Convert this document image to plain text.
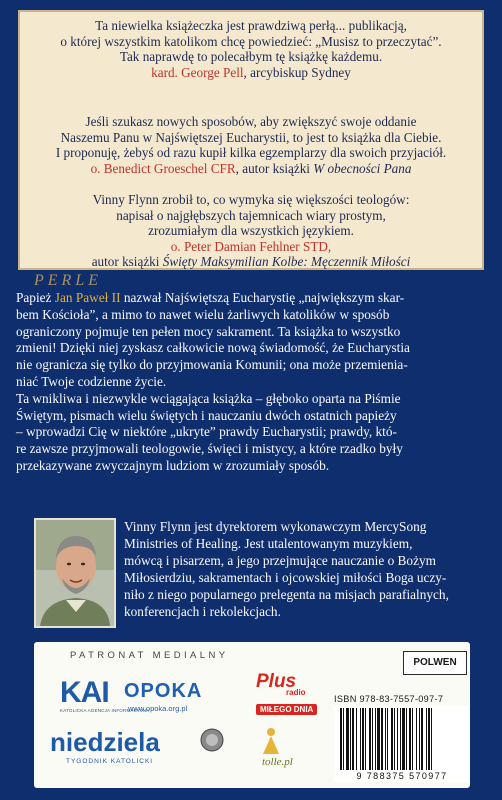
Ta niewielka książeczka jest prawdziwą perłą... publikacją,
o której wszystkim katolikom chcę powiedzieć: „Musisz to przeczytać”.
Tak naprawdę to polecałbym tę książkę każdemu.
kard. George Pell, arcybiskup Sydney
Jeśli szukasz nowych sposobów, aby zwiększyć swoje oddanie
Naszemu Panu w Najświętszej Eucharystii, to jest to książka dla Ciebie.
I proponuję, żebyś od razu kupił kilka egzemplarzy dla swoich przyjaciół.
o. Benedict Groeschel CFR, autor książki W obecności Pana
Vinny Flynn zrobił to, co wymyka się większości teologów:
napisał o najgłębszych tajemnicach wiary prostym,
zrozumiałym dla wszystkich językiem.
o. Peter Damian Fehlner STD,
autor książki Święty Maksymilian Kolbe: Męczennik Miłości
PERLE
Papież Jan Paweł II nazwał Najświętszą Eucharystię „największym skar-
bem Kościoła”, a mimo to nawet wielu żarliwych katolików w sposób
ograniczony pojmuje ten pełen mocy sakrament. Ta książka to wszystko
zmieni! Dzięki niej zyskasz całkowicie nową świadomość, że Eucharystia
nie ogranicza się tylko do przyjmowania Komunii; ona może przemienia-
niać Twoje codzienne życie.
Ta wnikliwa i niezwykle wciągająca książka – głęboko oparta na Piśmie
Świętym, pismach wielu świętych i nauczaniu dwóch ostatnich papieży
– wprowadzi Cię w niektóre „ukryte” prawdy Eucharystii; prawdy, któ-
re zawsze przyjmowali teologowie, święci i mistycy, a które rzadko były
przekazywane zwyczajnym ludziom w zrozumiały sposób.
Vinny Flynn jest dyrektorem wykonawczym MercySong
Ministries of Healing. Jest utalentowanym muzykiem,
mówcą i pisarzem, a jego przejmujące nauczanie o Bożym
Miłosierdziu, sakramentach i ojcowskiej miłości Boga uczy-
niło z niego popularnego prelegenta na misjach parafialnych,
konferencjach i rekolekcjach.
PATRONAT MEDIALNY
KAI
KATOLICKA AGENCJA INFORMACYJNA
OPOKA
www.opoka.org.pl
Plus
radio
MIŁEGO DNIA
niedziela
TYGODNIK KATOLICKI	tolle.pl
POLWEN
ISBN 978-83-7557-097-7
9 788375 570977
